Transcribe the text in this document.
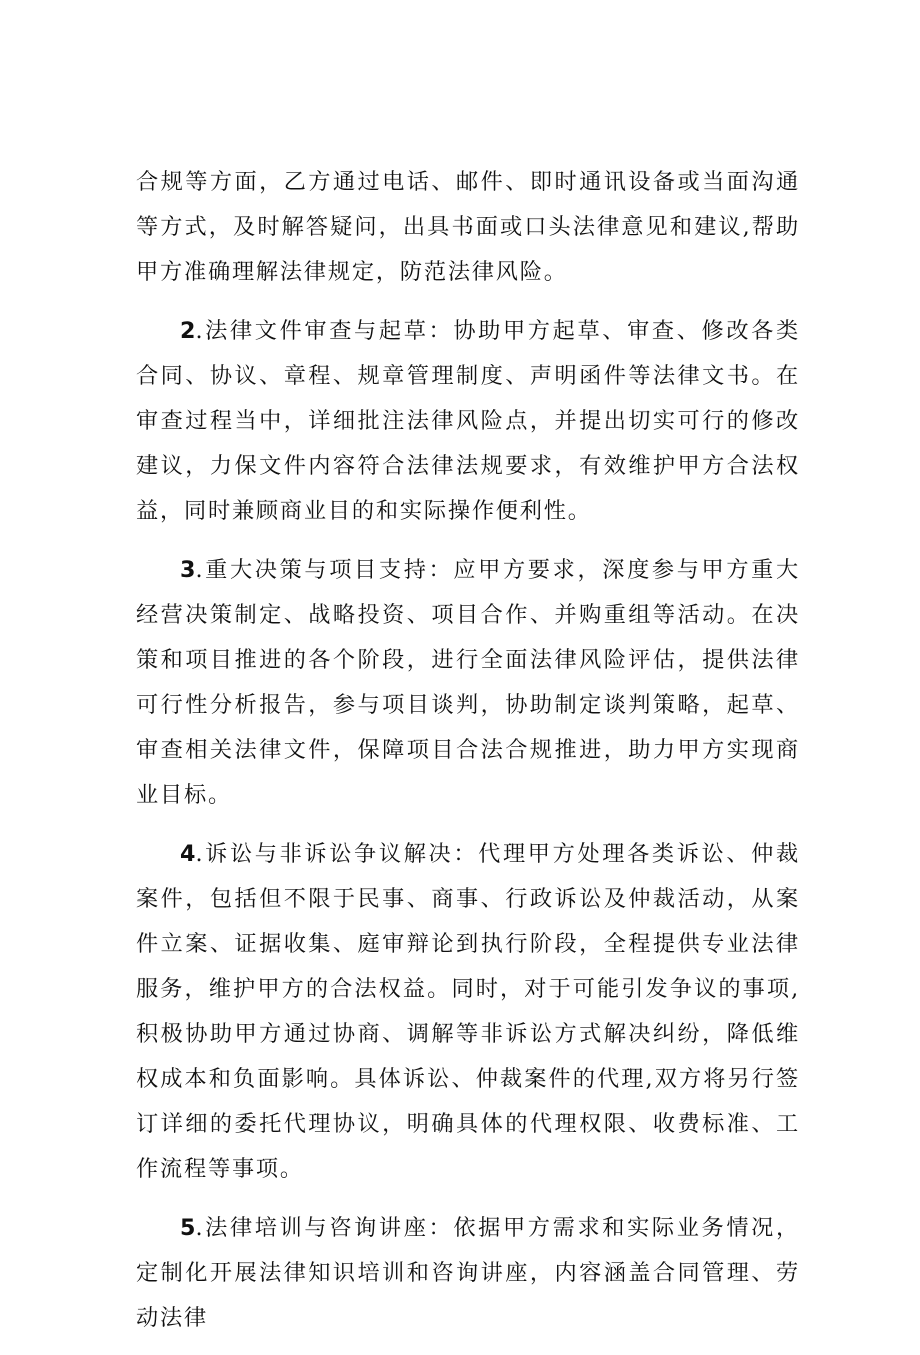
合规等方面，乙方通过电话、邮件、即时通讯设备或当面沟通等方式，及时解答疑问，出具书面或口头法律意见和建议,帮助甲方准确理解法律规定，防范法律风险。

2.法律文件审查与起草：协助甲方起草、审查、修改各类合同、协议、章程、规章管理制度、声明函件等法律文书。在审查过程当中，详细批注法律风险点，并提出切实可行的修改建议，力保文件内容符合法律法规要求，有效维护甲方合法权益，同时兼顾商业目的和实际操作便利性。

3.重大决策与项目支持：应甲方要求，深度参与甲方重大经营决策制定、战略投资、项目合作、并购重组等活动。在决策和项目推进的各个阶段，进行全面法律风险评估，提供法律可行性分析报告，参与项目谈判，协助制定谈判策略，起草、审查相关法律文件，保障项目合法合规推进，助力甲方实现商业目标。

4.诉讼与非诉讼争议解决：代理甲方处理各类诉讼、仲裁案件，包括但不限于民事、商事、行政诉讼及仲裁活动，从案件立案、证据收集、庭审辩论到执行阶段，全程提供专业法律服务，维护甲方的合法权益。同时，对于可能引发争议的事项,积极协助甲方通过协商、调解等非诉讼方式解决纠纷，降低维权成本和负面影响。具体诉讼、仲裁案件的代理,双方将另行签订详细的委托代理协议，明确具体的代理权限、收费标准、工作流程等事项。

5.法律培训与咨询讲座：依据甲方需求和实际业务情况，定制化开展法律知识培训和咨询讲座，内容涵盖合同管理、劳动法律
